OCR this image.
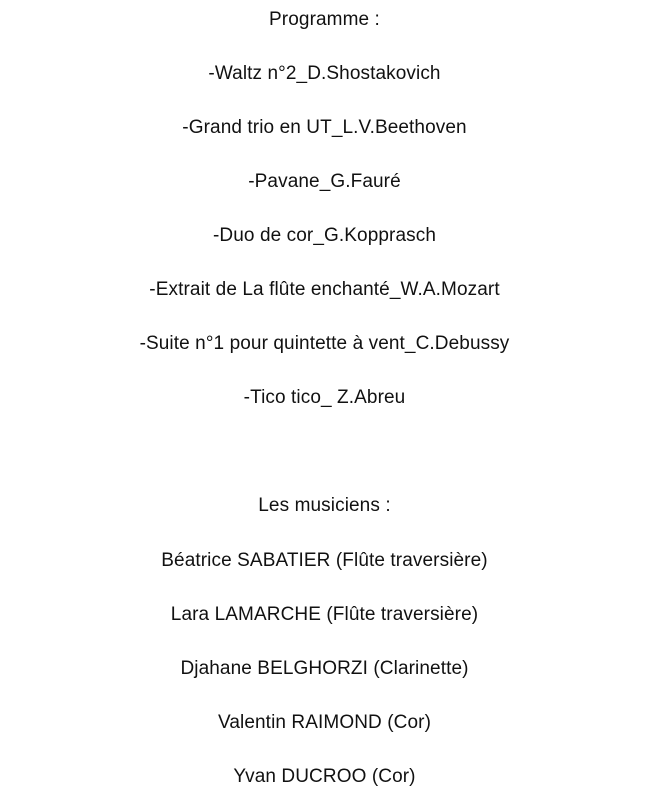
Programme :
-Waltz n°2_D.Shostakovich
-Grand trio en UT_L.V.Beethoven
-Pavane_G.Fauré
-Duo de cor_G.Kopprasch
-Extrait de La flûte enchanté_W.A.Mozart
-Suite n°1 pour quintette à vent_C.Debussy
-Tico tico_ Z.Abreu
Les musiciens :
Béatrice SABATIER (Flûte traversière)
Lara LAMARCHE (Flûte traversière)
Djahane BELGHORZI (Clarinette)
Valentin RAIMOND (Cor)
Yvan DUCROO (Cor)
